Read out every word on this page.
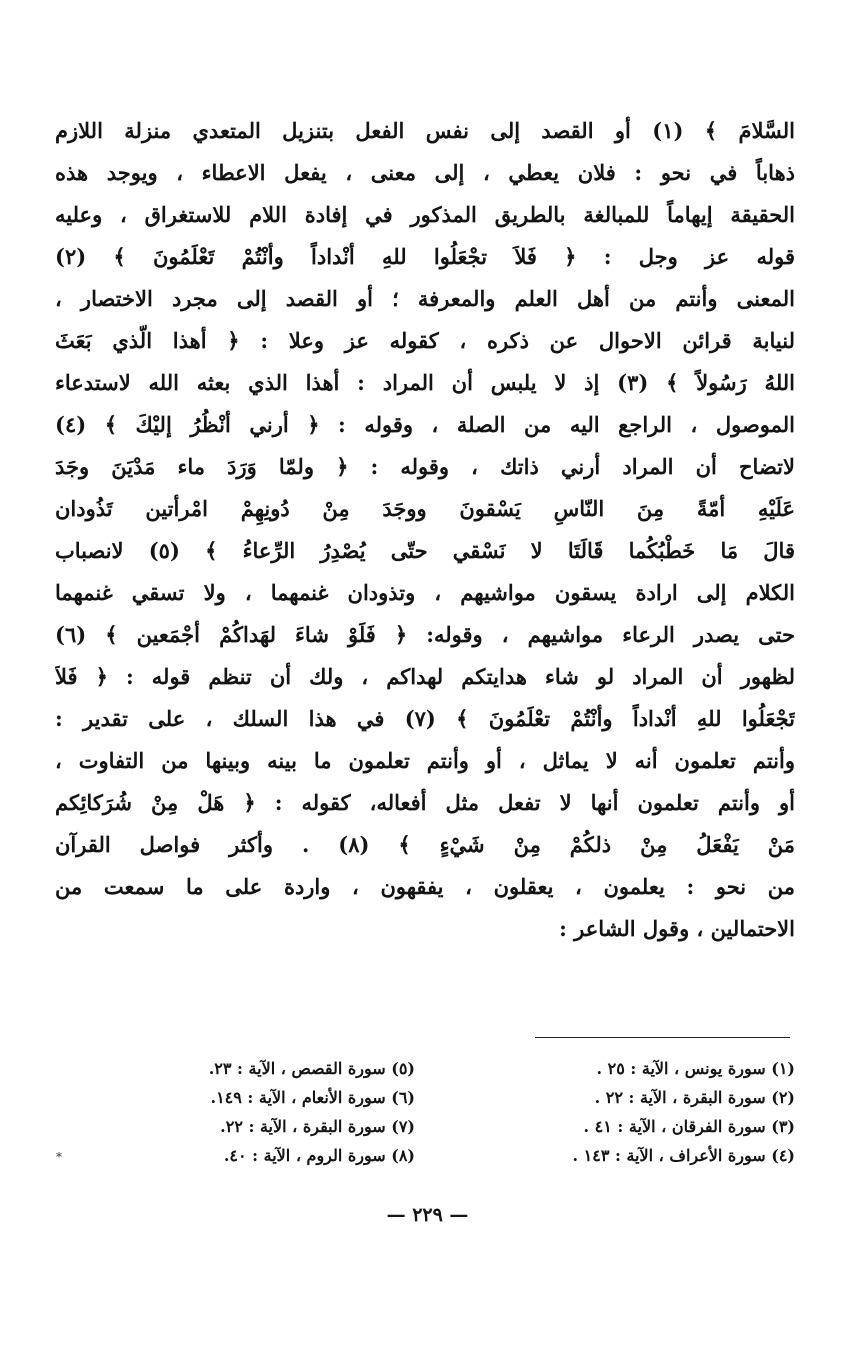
السَّلامَ ﴾ (١) أو القصد إلى نفس الفعل بتنزيل المتعدي منزلة اللازم
ذهاباً في نحو : فلان يعطي ، إلى معنى ، يفعل الاعطاء ، ويوجد هذه
الحقيقة إيهاماً للمبالغة بالطريق المذكور في إفادة اللام للاستغراق ، وعليه
قوله عز وجل : ﴿ فَلاَ تجْعَلُوا للهِ أنْداداً وأنْتُمْ تَعْلَمُونَ ﴾ (٢)
المعنى وأنتم من أهل العلم والمعرفة ؛ أو القصد إلى مجرد الاختصار ،
لنيابة قرائن الاحوال عن ذكره ، كقوله عز وعلا : ﴿ أهذا الّذي بَعَثَ
اللهُ رَسُولاً ﴾ (٣) إذ لا يلبس أن المراد : أهذا الذي بعثه الله لاستدعاء
الموصول ، الراجع اليه من الصلة ، وقوله : ﴿ أرني أنْظُرُ إليْكَ ﴾ (٤)
لاتضاح أن المراد أرني ذاتك ، وقوله : ﴿ ولمّا وَرَدَ ماء مَدْيَنَ وجَدَ
عَلَيْهِ أمّةً مِنَ النّاسِ يَسْقونَ ووجَدَ مِنْ دُونِهِمْ امْرأتين تَذُودان
قالَ مَا خَطْبُكُما قَالَتَا لا نَسْقي حتّى يُصْدِرُ الرِّعاءُ ﴾ (٥) لانصباب
الكلام إلى ارادة يسقون مواشيهم ، وتذودان غنمهما ، ولا تسقي غنمهما
حتى يصدر الرعاء مواشيهم ، وقوله: ﴿ فَلَوْ شاءَ لهَداكُمْ أجْمَعين ﴾ (٦)
لظهور أن المراد لو شاء هدايتكم لهداكم ، ولك أن تنظم قوله : ﴿ فَلاَ
تَجْعَلُوا للهِ أنْداداً وأنْتُمْ تعْلَمُونَ ﴾ (٧) في هذا السلك ، على تقدير :
وأنتم تعلمون أنه لا يماثل ، أو وأنتم تعلمون ما بينه وبينها من التفاوت ،
أو وأنتم تعلمون أنها لا تفعل مثل أفعاله، كقوله : ﴿ هَلْ مِنْ شُرَكائِكم
مَنْ يَفْعَلُ مِنْ ذلكُمْ مِنْ شَيْءٍ ﴾ (٨) . وأكثر فواصل القرآن
من نحو : يعلمون ، يعقلون ، يفقهون ، واردة على ما سمعت من
الاحتمالين ، وقول الشاعر :
(١) سورة يونس ، الآية : ٢٥ .
(٢) سورة البقرة ، الآية : ٢٢ .
(٣) سورة الفرقان ، الآية : ٤١ .
(٤) سورة الأعراف ، الآية : ١٤٣ .
(٥) سورة القصص ، الآية : ٢٣.
(٦) سورة الأنعام ، الآية : ١٤٩.
(٧) سورة البقرة ، الآية : ٢٢.
(٨) سورة الروم ، الآية : ٤٠.
*
— ٢٢٩ —
